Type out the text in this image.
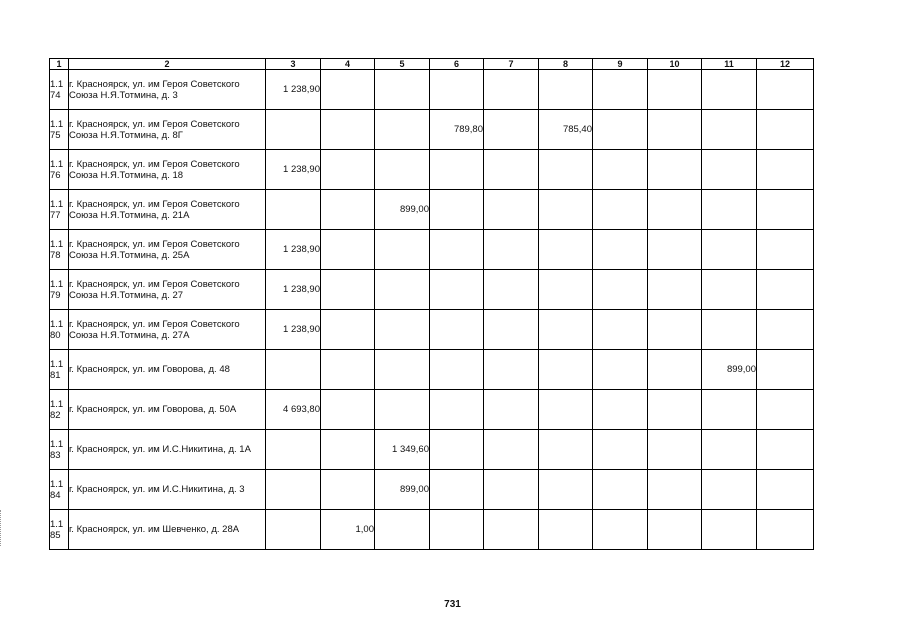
1	2	3	4	5	6	7	8	9	10	11	12
1.1 74	г. Красноярск, ул. им Героя Советского Союза Н.Я.Тотмина, д. 3	1 238,90									
1.1 75	г. Красноярск, ул. им Героя Советского Союза Н.Я.Тотмина, д. 8Г				789,80		785,40				
1.1 76	г. Красноярск, ул. им Героя Советского Союза Н.Я.Тотмина, д. 18	1 238,90									
1.1 77	г. Красноярск, ул. им Героя Советского Союза Н.Я.Тотмина, д. 21А			899,00							
1.1 78	г. Красноярск, ул. им Героя Советского Союза Н.Я.Тотмина, д. 25А	1 238,90									
1.1 79	г. Красноярск, ул. им Героя Советского Союза Н.Я.Тотмина, д. 27	1 238,90									
1.1 80	г. Красноярск, ул. им Героя Советского Союза Н.Я.Тотмина, д. 27А	1 238,90									
1.1 81	г. Красноярск, ул. им Говорова, д. 48									899,00	
1.1 82	г. Красноярск, ул. им Говорова, д. 50А	4 693,80									
1.1 83	г. Красноярск, ул. им И.С.Никитина, д. 1А			1 349,60							
1.1 84	г. Красноярск, ул. им И.С.Никитина, д. 3			899,00							
1.1 85	г. Красноярск, ул. им Шевченко, д. 28А		1,00								
731
